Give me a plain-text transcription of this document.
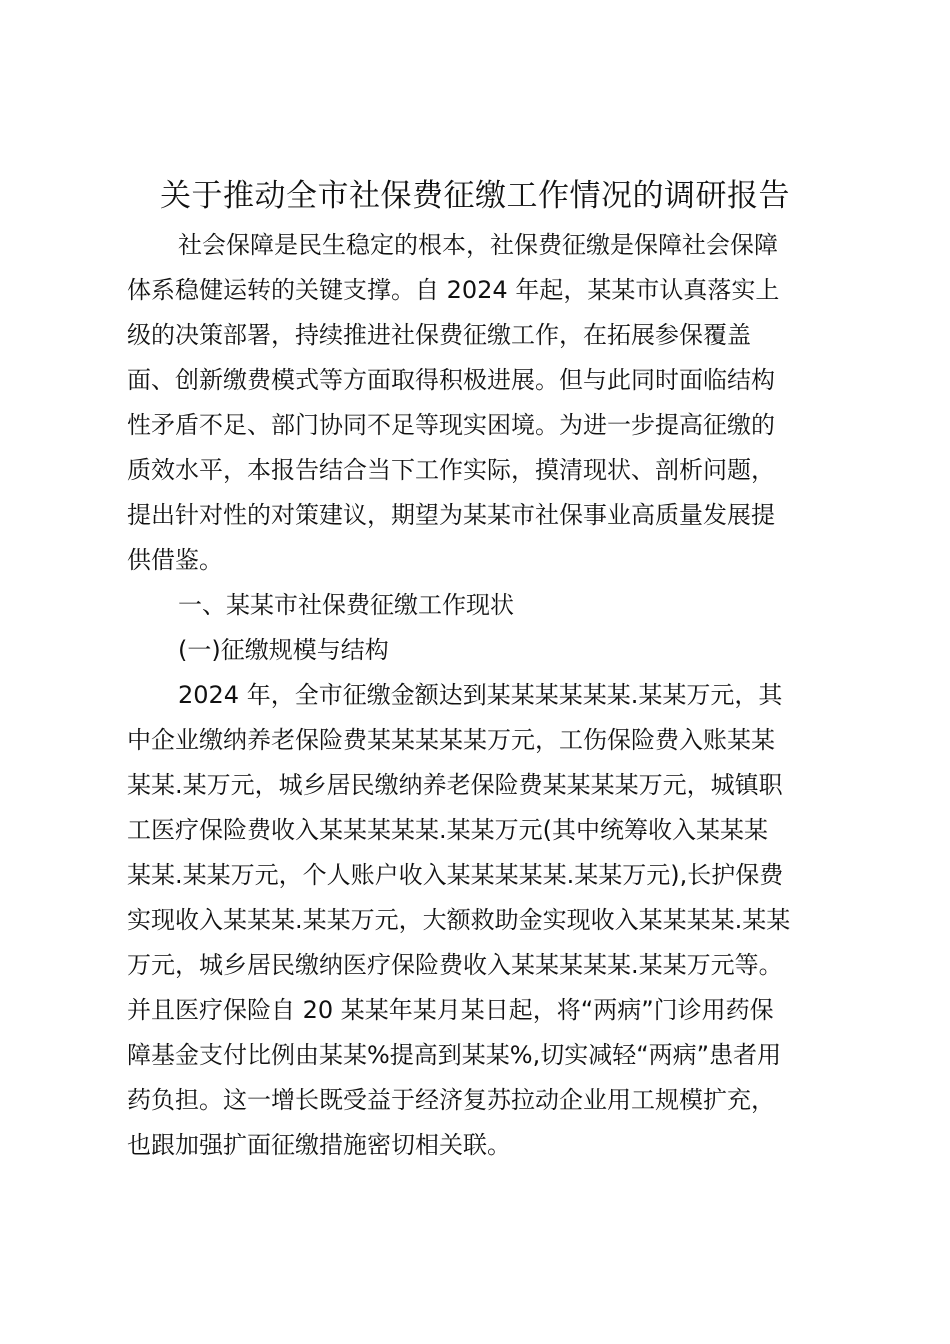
关于推动全市社保费征缴工作情况的调研报告

社会保障是民生稳定的根本，社保费征缴是保障社会保障

体系稳健运转的关键支撑。自 2024 年起，某某市认真落实上

级的决策部署，持续推进社保费征缴工作，在拓展参保覆盖

面、创新缴费模式等方面取得积极进展。但与此同时面临结构

性矛盾不足、部门协同不足等现实困境。为进一步提高征缴的

质效水平，本报告结合当下工作实际，摸清现状、剖析问题，

提出针对性的对策建议，期望为某某市社保事业高质量发展提

供借鉴。

一、某某市社保费征缴工作现状

(一)征缴规模与结构

2024 年，全市征缴金额达到某某某某某某.某某万元，其

中企业缴纳养老保险费某某某某某万元，工伤保险费入账某某

某某.某万元，城乡居民缴纳养老保险费某某某某万元，城镇职

工医疗保险费收入某某某某某.某某万元(其中统筹收入某某某

某某.某某万元，个人账户收入某某某某某.某某万元),长护保费

实现收入某某某.某某万元，大额救助金实现收入某某某某.某某

万元，城乡居民缴纳医疗保险费收入某某某某某.某某万元等。

并且医疗保险自 20 某某年某月某日起，将“两病”门诊用药保

障基金支付比例由某某%提高到某某%,切实减轻“两病”患者用

药负担。这一增长既受益于经济复苏拉动企业用工规模扩充，

也跟加强扩面征缴措施密切相关联。
